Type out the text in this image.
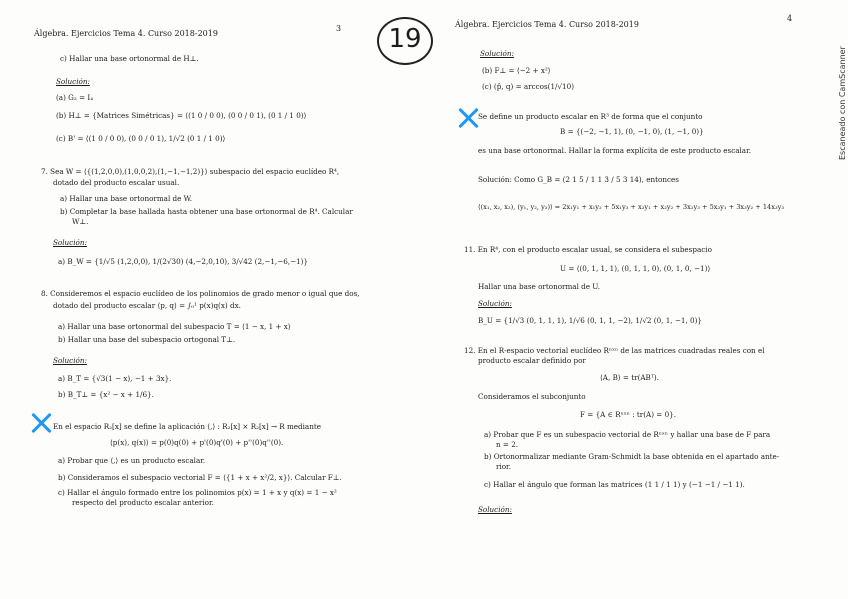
Álgebra. Ejercicios Tema 4. Curso 2018-2019
3
c) Hallar una base ortonormal de H⊥.
Solución:
(a) G₂ = I₄
(b) H⊥ = {Matrices Simétricas} = ⟨(1 0 / 0 0), (0 0 / 0 1), (0 1 / 1 0)⟩
(c) B' = ⟨(1 0 / 0 0), (0 0 / 0 1), 1/√2 (0 1 / 1 0)⟩
7. Sea W = ⟨{(1,2,0,0),(1,0,0,2),(1,−1,−1,2)}⟩ subespacio del espacio euclídeo R⁴,
dotado del producto escalar usual.
a) Hallar una base ortonormal de W.
b) Completar la base hallada hasta obtener una base ortonormal de R⁴. Calcular
W⊥.
Solución:
a) B_W = {1/√5 (1,2,0,0), 1/(2√30) (4,−2,0,10), 3/√42 (2,−1,−6,−1)}
8. Consideremos el espacio euclídeo de los polinomios de grado menor o igual que dos,
dotado del producto escalar ⟨p, q⟩ = ∫₀¹ p(x)q(x) dx.
a) Hallar una base ortonormal del subespacio T = ⟨1 − x, 1 + x⟩
b) Hallar una base del subespacio ortogonal T⊥.
Solución:
a) B_T = {√3(1 − x), −1 + 3x}.
b) B_T⊥ = {x² − x + 1/6}.
En el espacio R₂[x] se define la aplicación ⟨,⟩ : R₂[x] × R₂[x] → R mediante
⟨p(x), q(x)⟩ = p(0)q(0) + p'(0)q'(0) + p''(0)q''(0).
a) Probar que ⟨,⟩ es un producto escalar.
b) Consideramos el subespacio vectorial F = ⟨{1 + x + x²/2, x}⟩. Calcular F⊥.
c) Hallar el ángulo formado entre los polinomios p(x) = 1 + x y q(x) = 1 − x²
respecto del producto escalar anterior.
Álgebra. Ejercicios Tema 4. Curso 2018-2019
4
Solución:
(b) F⊥ = ⟨−2 + x²⟩
(c) (p̂, q) = arccos(1/√10)
Se define un producto escalar en R³ de forma que el conjunto
B = {(−2, −1, 1), (0, −1, 0), (1, −1, 0)}
es una base ortonormal. Hallar la forma explícita de este producto escalar.
Solución: Como G_B = (2 1 5 / 1 1 3 / 5 3 14), entonces
⟨(x₁, x₂, x₃), (y₁, y₂, y₃)⟩ = 2x₁y₁ + x₁y₂ + 5x₁y₃ + x₂y₁ + x₂y₂ + 3x₂y₃ + 5x₃y₁ + 3x₃y₂ + 14x₃y₃
11. En R⁴, con el producto escalar usual, se considera el subespacio
U = ⟨(0, 1, 1, 1), (0, 1, 1, 0), (0, 1, 0, −1)⟩
Hallar una base ortonormal de U.
Solución:
B_U = {1/√3 (0, 1, 1, 1), 1/√6 (0, 1, 1, −2), 1/√2 (0, 1, −1, 0)}
12. En el R-espacio vectorial euclídeo Rⁿˣⁿ de las matrices cuadradas reales con el
producto escalar definido por
⟨A, B⟩ = tr(ABᵀ).
Consideramos el subconjunto
F = {A ∈ Rⁿˣⁿ : tr(A) = 0}.
a) Probar que F es un subespacio vectorial de Rⁿˣⁿ y hallar una base de F para
n = 2.
b) Ortonormalizar mediante Gram-Schmidt la base obtenida en el apartado ante-
rior.
c) Hallar el ángulo que forman las matrices (1 1 / 1 1) y (−1 −1 / −1 1).
Solución:
19
Escaneado con CamScanner
